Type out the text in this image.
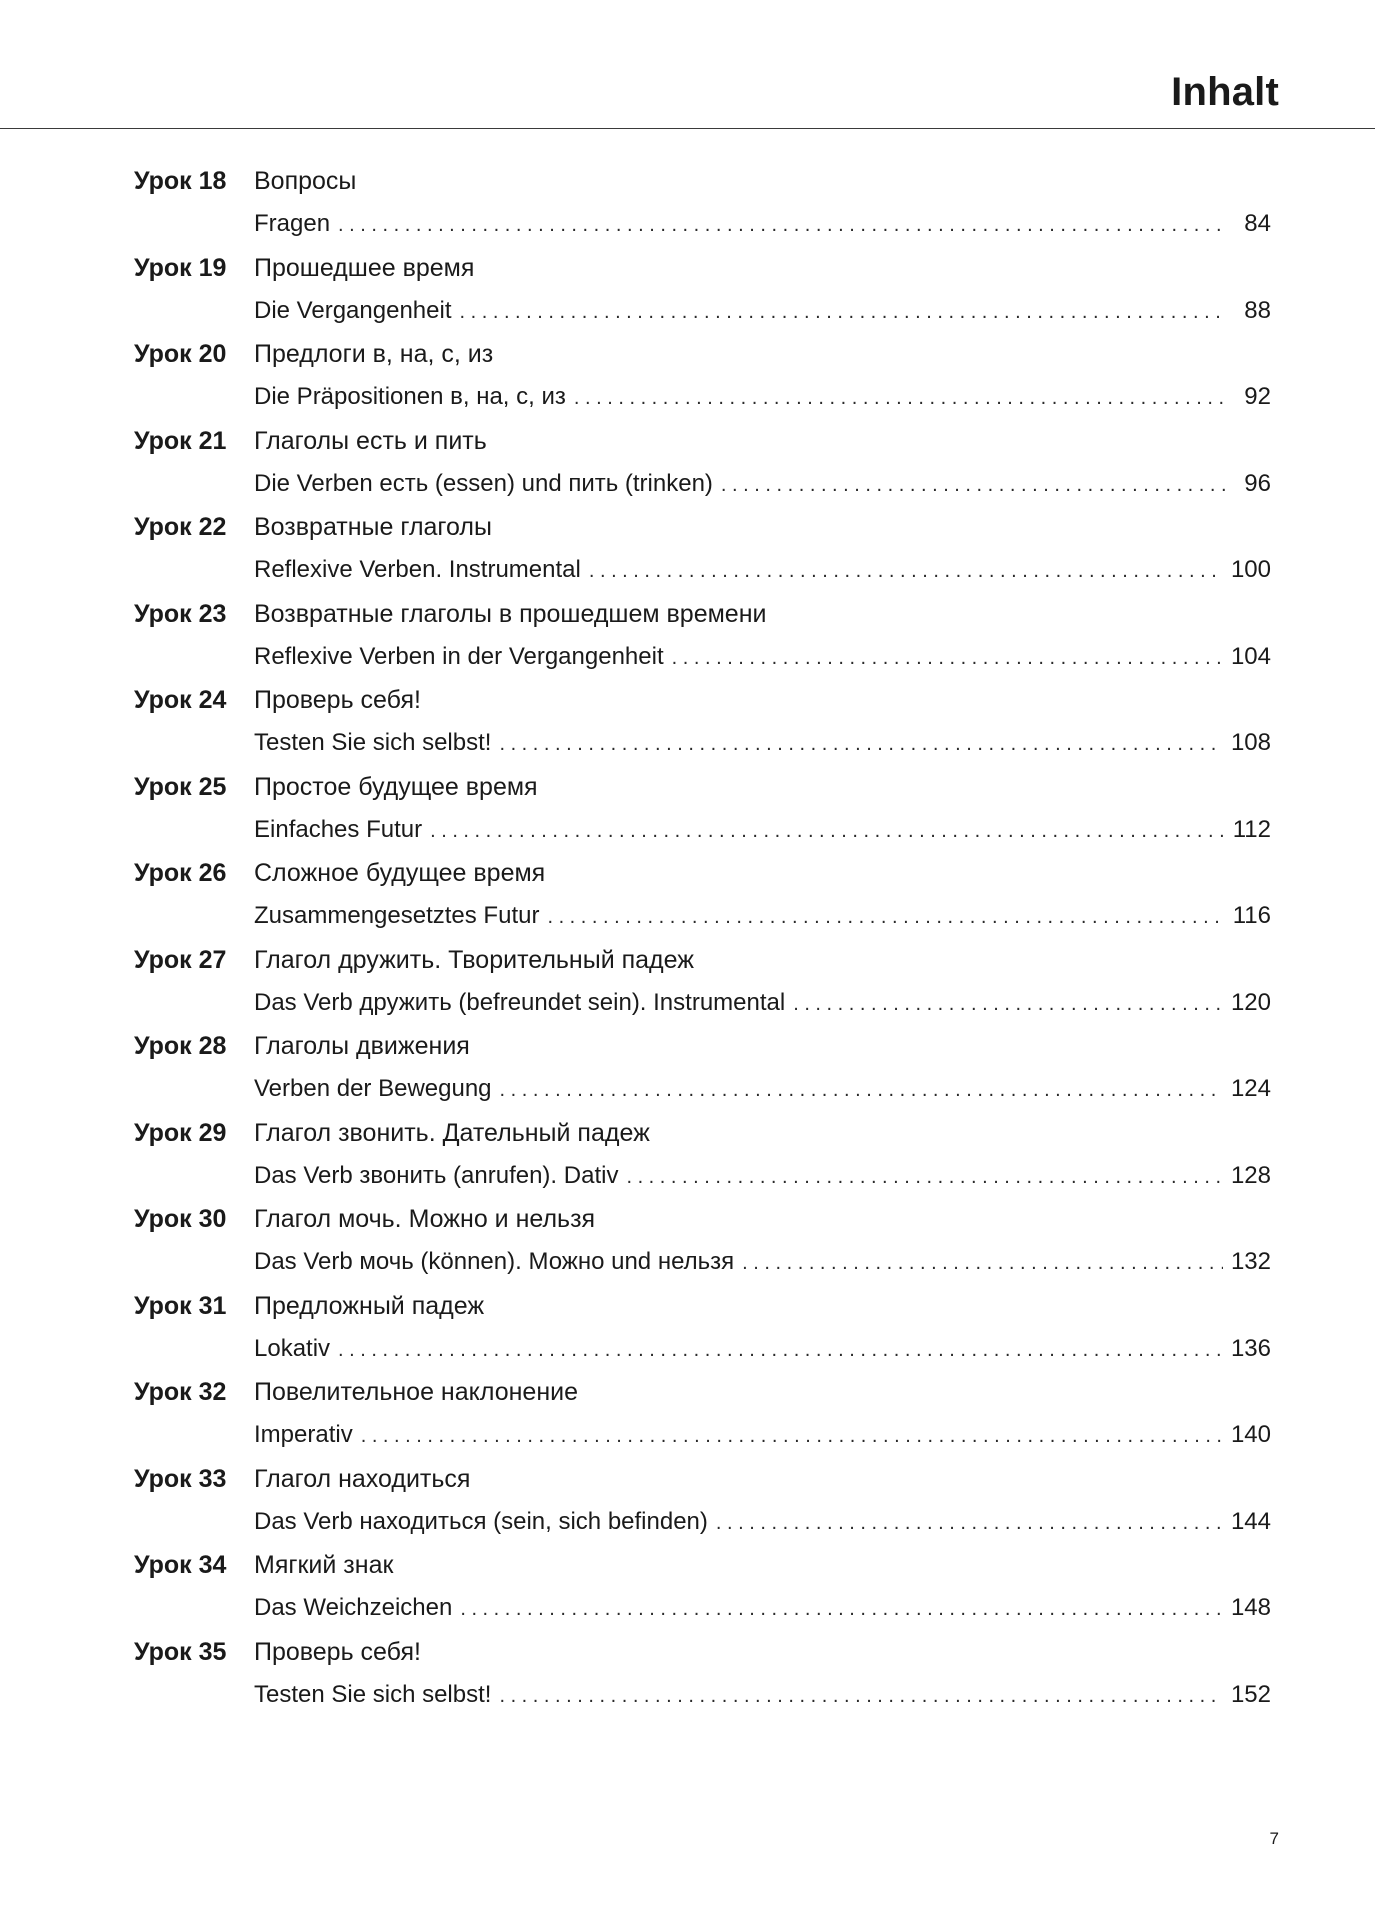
Inhalt
Урок 18	Вопросы
Fragen . . .	84
Урок 19	Прошедшее время
Die Vergangenheit . . .	88
Урок 20	Предлоги в, на, с, из
Die Präpositionen в, на, с, из . . .	92
Урок 21	Глаголы есть и пить
Die Verben есть (essen) und пить (trinken) . . .	96
Урок 22	Возвратные глаголы
Reflexive Verben. Instrumental . . .	100
Урок 23	Возвратные глаголы в прошедшем времени
Reflexive Verben in der Vergangenheit . . .	104
Урок 24	Проверь себя!
Testen Sie sich selbst! . . .	108
Урок 25	Простое будущее время
Einfaches Futur . . .	112
Урок 26	Сложное будущее время
Zusammengesetztes Futur . . .	116
Урок 27	Глагол дружить. Творительный падеж
Das Verb дружить (befreundet sein). Instrumental . . .	120
Урок 28	Глаголы движения
Verben der Bewegung . . .	124
Урок 29	Глагол звонить. Дательный падеж
Das Verb звонить (anrufen). Dativ . . .	128
Урок 30	Глагол мочь. Можно и нельзя
Das Verb мочь (können). Можно und нельзя . . .	132
Урок 31	Предложный падеж
Lokativ . . .	136
Урок 32	Повелительное наклонение
Imperativ . . .	140
Урок 33	Глагол находиться
Das Verb находиться (sein, sich befinden) . . .	144
Урок 34	Мягкий знак
Das Weichzeichen . . .	148
Урок 35	Проверь себя!
Testen Sie sich selbst! . . .	152
7
